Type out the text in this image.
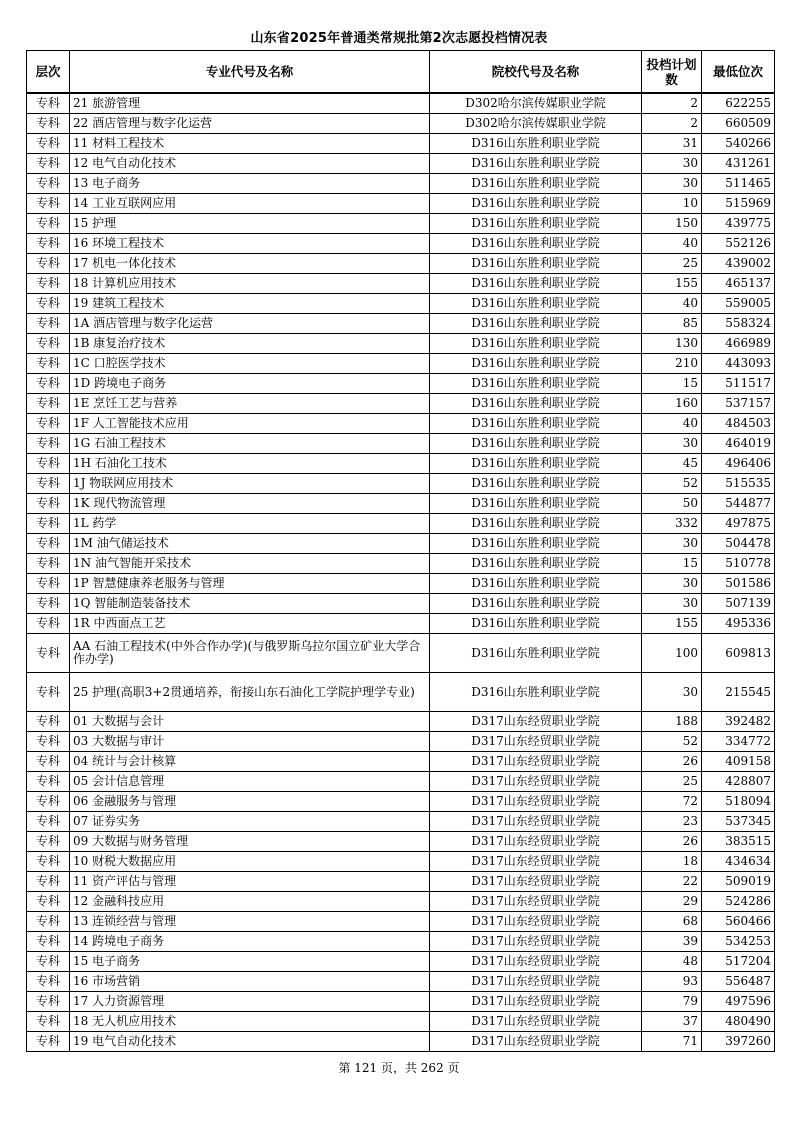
山东省2025年普通类常规批第2次志愿投档情况表
层次	专业代号及名称	院校代号及名称	投档计划数	最低位次
专科	21 旅游管理	D302哈尔滨传媒职业学院	2	622255
专科	22 酒店管理与数字化运营	D302哈尔滨传媒职业学院	2	660509
专科	11 材料工程技术	D316山东胜利职业学院	31	540266
专科	12 电气自动化技术	D316山东胜利职业学院	30	431261
专科	13 电子商务	D316山东胜利职业学院	30	511465
专科	14 工业互联网应用	D316山东胜利职业学院	10	515969
专科	15 护理	D316山东胜利职业学院	150	439775
专科	16 环境工程技术	D316山东胜利职业学院	40	552126
专科	17 机电一体化技术	D316山东胜利职业学院	25	439002
专科	18 计算机应用技术	D316山东胜利职业学院	155	465137
专科	19 建筑工程技术	D316山东胜利职业学院	40	559005
专科	1A 酒店管理与数字化运营	D316山东胜利职业学院	85	558324
专科	1B 康复治疗技术	D316山东胜利职业学院	130	466989
专科	1C 口腔医学技术	D316山东胜利职业学院	210	443093
专科	1D 跨境电子商务	D316山东胜利职业学院	15	511517
专科	1E 烹饪工艺与营养	D316山东胜利职业学院	160	537157
专科	1F 人工智能技术应用	D316山东胜利职业学院	40	484503
专科	1G 石油工程技术	D316山东胜利职业学院	30	464019
专科	1H 石油化工技术	D316山东胜利职业学院	45	496406
专科	1J 物联网应用技术	D316山东胜利职业学院	52	515535
专科	1K 现代物流管理	D316山东胜利职业学院	50	544877
专科	1L 药学	D316山东胜利职业学院	332	497875
专科	1M 油气储运技术	D316山东胜利职业学院	30	504478
专科	1N 油气智能开采技术	D316山东胜利职业学院	15	510778
专科	1P 智慧健康养老服务与管理	D316山东胜利职业学院	30	501586
专科	1Q 智能制造装备技术	D316山东胜利职业学院	30	507139
专科	1R 中西面点工艺	D316山东胜利职业学院	155	495336
专科	AA 石油工程技术(中外合作办学)(与俄罗斯乌拉尔国立矿业大学合作办学)	D316山东胜利职业学院	100	609813
专科	25 护理(高职3+2贯通培养，衔接山东石油化工学院护理学专业)	D316山东胜利职业学院	30	215545
专科	01 大数据与会计	D317山东经贸职业学院	188	392482
专科	03 大数据与审计	D317山东经贸职业学院	52	334772
专科	04 统计与会计核算	D317山东经贸职业学院	26	409158
专科	05 会计信息管理	D317山东经贸职业学院	25	428807
专科	06 金融服务与管理	D317山东经贸职业学院	72	518094
专科	07 证券实务	D317山东经贸职业学院	23	537345
专科	09 大数据与财务管理	D317山东经贸职业学院	26	383515
专科	10 财税大数据应用	D317山东经贸职业学院	18	434634
专科	11 资产评估与管理	D317山东经贸职业学院	22	509019
专科	12 金融科技应用	D317山东经贸职业学院	29	524286
专科	13 连锁经营与管理	D317山东经贸职业学院	68	560466
专科	14 跨境电子商务	D317山东经贸职业学院	39	534253
专科	15 电子商务	D317山东经贸职业学院	48	517204
专科	16 市场营销	D317山东经贸职业学院	93	556487
专科	17 人力资源管理	D317山东经贸职业学院	79	497596
专科	18 无人机应用技术	D317山东经贸职业学院	37	480490
专科	19 电气自动化技术	D317山东经贸职业学院	71	397260
第 121 页，共 262 页
